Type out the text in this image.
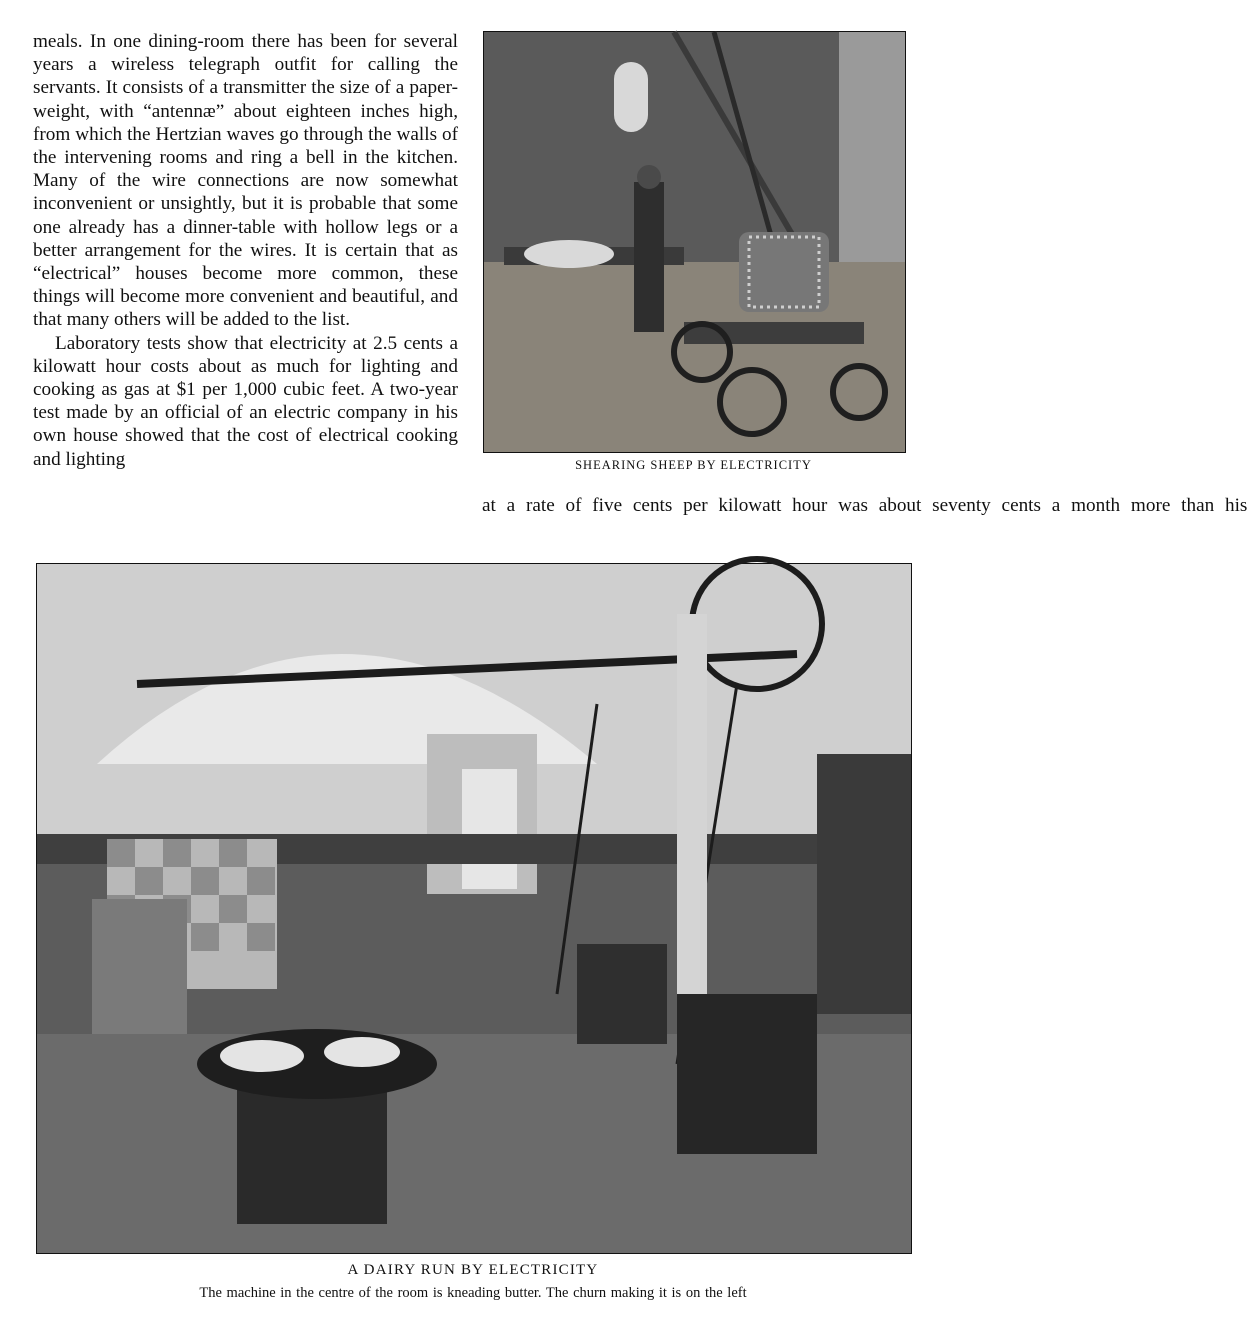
meals. In one dining-room there has been for several years a wireless telegraph outfit for calling the servants. It consists of a transmitter the size of a paper-weight, with “antennæ” about eighteen inches high, from which the Hertzian waves go through the walls of the intervening rooms and ring a bell in the kitchen. Many of the wire connections are now somewhat inconvenient or unsightly, but it is probable that some one already has a dinner-table with hollow legs or a better arrangement for the wires. It is certain that as “electrical” houses become more common, these things will become more convenient and beautiful, and that many others will be added to the list.

Laboratory tests show that electricity at 2.5 cents a kilowatt hour costs about as much for lighting and cooking as gas at $1 per 1,000 cubic feet. A two-year test made by an official of an electric company in his own house showed that the cost of electrical cooking and lighting	SHEARING SHEEP BY ELECTRICITY
at a rate of five cents per kilowatt hour was about seventy cents a month more than his
A DAIRY RUN BY ELECTRICITY
The machine in the centre of the room is kneading butter. The churn making it is on the left
